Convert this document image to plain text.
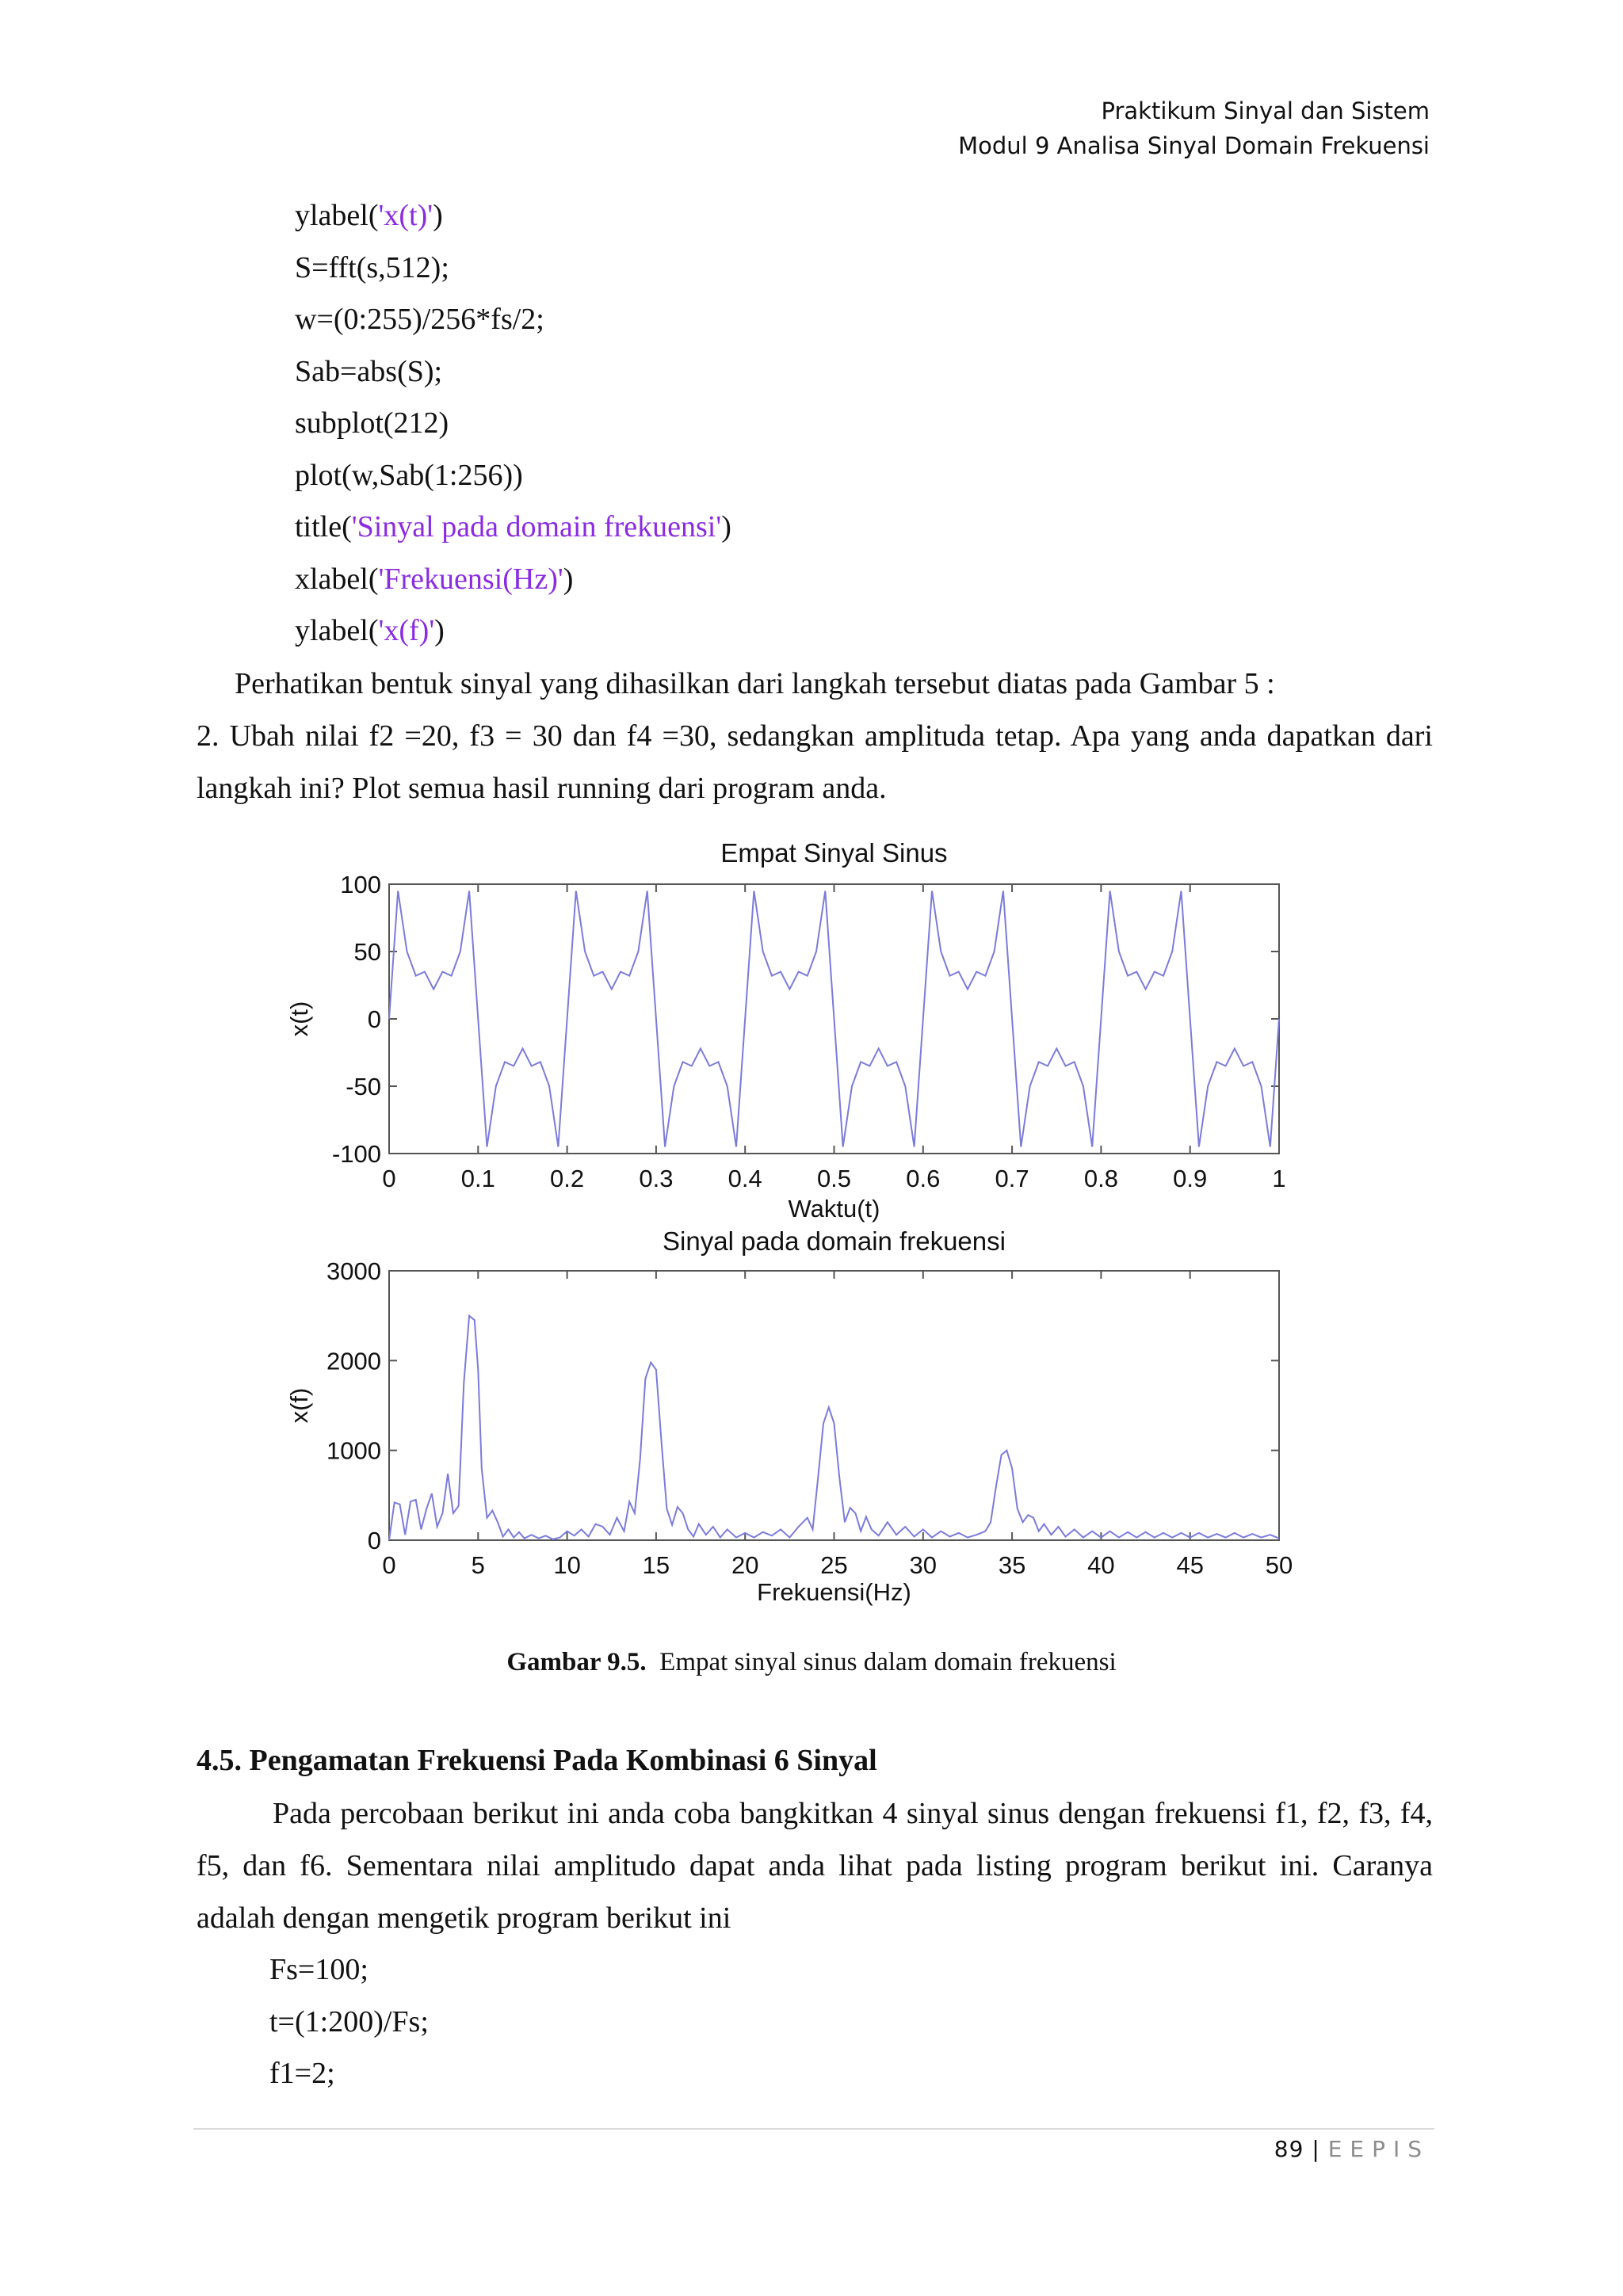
Praktikum Sinyal dan Sistem
Modul 9 Analisa Sinyal Domain Frekuensi
ylabel('x(t)')
S=fft(s,512);
w=(0:255)/256*fs/2;
Sab=abs(S);
subplot(212)
plot(w,Sab(1:256))
title('Sinyal pada domain frekuensi')
xlabel('Frekuensi(Hz)')
ylabel('x(f)')
Perhatikan bentuk sinyal yang dihasilkan dari langkah tersebut diatas pada Gambar 5 :
2. Ubah nilai f2 =20, f3 = 30 dan f4 =30, sedangkan amplituda tetap. Apa yang anda dapatkan dari langkah ini? Plot semua hasil running dari program anda.
0	0.1 0.2 0.3 0.4 0.5 0.6 0.7 0.8 0.9	1
100
50
0
-50
-100
Empat Sinyal Sinus
Waktu(t)
x(t)
0	5	10	15	20	25	30	35	40	45	50
3000
2000
1000
0
Sinyal pada domain frekuensi
Frekuensi(Hz)
x(f)
Gambar 9.5. Empat sinyal sinus dalam domain frekuensi
4.5. Pengamatan Frekuensi Pada Kombinasi 6 Sinyal
Pada percobaan berikut ini anda coba bangkitkan 4 sinyal sinus dengan frekuensi f1, f2, f3, f4, f5, dan f6. Sementara nilai amplitudo dapat anda lihat pada listing program berikut ini. Caranya adalah dengan mengetik program berikut ini
Fs=100;
t=(1:200)/Fs;
f1=2;
89 | EEPIS
